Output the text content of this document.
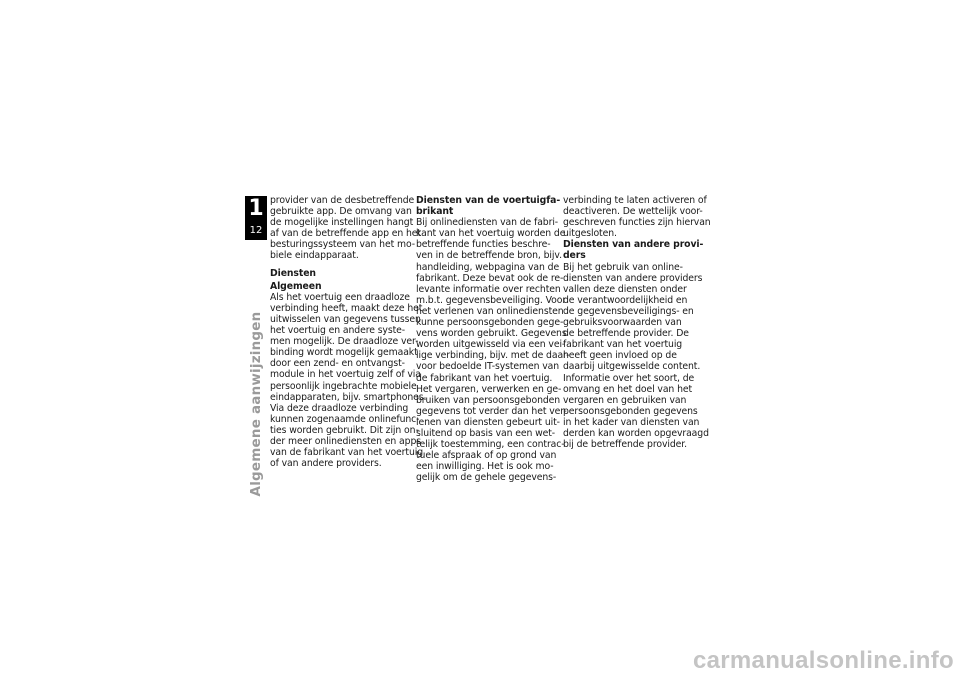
1
12
Algemene aanwijzingen
provider van de desbetreffende
gebruikte app. De omvang van
de mogelijke instellingen hangt
af van de betreffende app en het
besturingssysteem van het mo-
biele eindapparaat.
Diensten
Algemeen
Als het voertuig een draadloze
verbinding heeft, maakt deze het
uitwisselen van gegevens tussen
het voertuig en andere syste-
men mogelijk. De draadloze ver-
binding wordt mogelijk gemaakt
door een zend- en ontvangst-
module in het voertuig zelf of via
persoonlijk ingebrachte mobiele
eindapparaten, bijv. smartphones.
Via deze draadloze verbinding
kunnen zogenaamde onlinefunc-
ties worden gebruikt. Dit zijn on-
der meer onlinediensten en apps
van de fabrikant van het voertuig
of van andere providers.
Diensten van de voertuigfa-
brikant
Bij onlinediensten van de fabri-
kant van het voertuig worden de
betreffende functies beschre-
ven in de betreffende bron, bijv.
handleiding, webpagina van de
fabrikant. Deze bevat ook de re-
levante informatie over rechten
m.b.t. gegevensbeveiliging. Voor
het verlenen van onlinediensten
kunne persoonsgebonden gege-
vens worden gebruikt. Gegevens
worden uitgewisseld via een vei-
lige verbinding, bijv. met de daar-
voor bedoelde IT-systemen van
de fabrikant van het voertuig.
Het vergaren, verwerken en ge-
bruiken van persoonsgebonden
gegevens tot verder dan het ver-
lenen van diensten gebeurt uit-
sluitend op basis van een wet-
telijk toestemming, een contrac-
tuele afspraak of op grond van
een inwilliging. Het is ook mo-
gelijk om de gehele gegevens-
verbinding te laten activeren of
deactiveren. De wettelijk voor-
geschreven functies zijn hiervan
uitgesloten.
Diensten van andere provi-
ders
Bij het gebruik van online-
diensten van andere providers
vallen deze diensten onder
de verantwoordelijkheid en
de gegevensbeveiligings- en
gebruiksvoorwaarden van
de betreffende provider. De
fabrikant van het voertuig
heeft geen invloed op de
daarbij uitgewisselde content.
Informatie over het soort, de
omvang en het doel van het
vergaren en gebruiken van
persoonsgebonden gegevens
in het kader van diensten van
derden kan worden opgevraagd
bij de betreffende provider.
carmanualsonline.info
